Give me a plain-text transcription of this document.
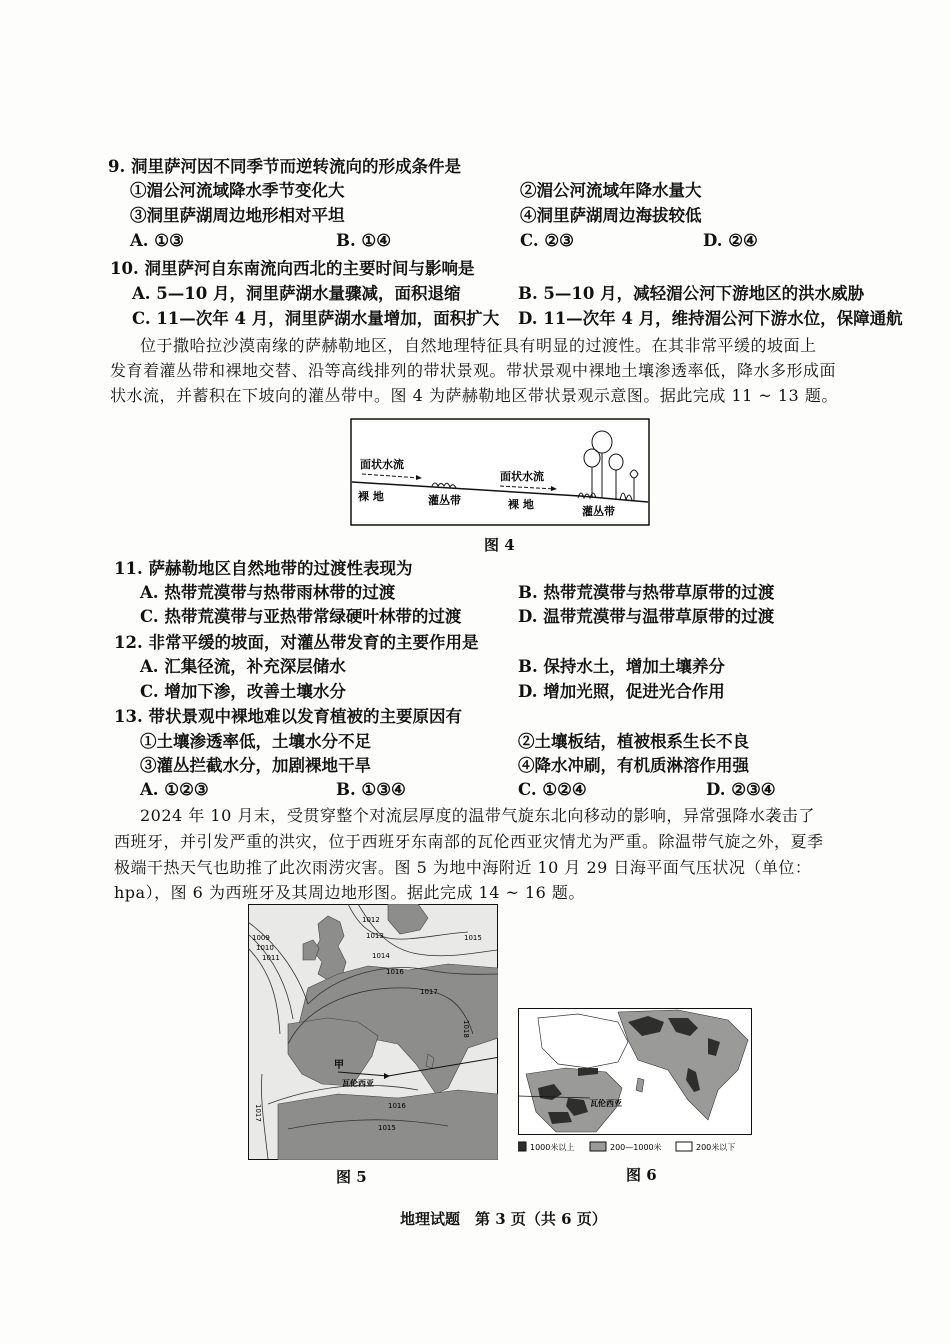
9. 洞里萨河因不同季节而逆转流向的形成条件是
①湄公河流域降水季节变化大	②湄公河流域年降水量大
③洞里萨湖周边地形相对平坦	④洞里萨湖周边海拔较低
A. ①③	B. ①④	C. ②③	D. ②④
10. 洞里萨河自东南流向西北的主要时间与影响是
A. 5—10 月，洞里萨湖水量骤减，面积退缩	B. 5—10 月，减轻湄公河下游地区的洪水威胁
C. 11—次年 4 月，洞里萨湖水量增加，面积扩大 D. 11—次年 4 月，维持湄公河下游水位，保障通航
位于撒哈拉沙漠南缘的萨赫勒地区，自然地理特征具有明显的过渡性。在其非常平缓的坡面上
发育着灌丛带和裸地交替、沿等高线排列的带状景观。带状景观中裸地土壤渗透率低，降水多形成面
状水流，并蓄积在下坡向的灌丛带中。图 4 为萨赫勒地区带状景观示意图。据此完成 11 ~ 13 题。
面状水流
面状水流
裸 地	灌丛带	裸 地
灌丛带
图 4
11. 萨赫勒地区自然地带的过渡性表现为
A. 热带荒漠带与热带雨林带的过渡	B. 热带荒漠带与热带草原带的过渡
C. 热带荒漠带与亚热带常绿硬叶林带的过渡	D. 温带荒漠带与温带草原带的过渡
12. 非常平缓的坡面，对灌丛带发育的主要作用是
A. 汇集径流，补充深层储水	B. 保持水土，增加土壤养分
C. 增加下渗，改善土壤水分	D. 增加光照，促进光合作用
13. 带状景观中裸地难以发育植被的主要原因有
①土壤渗透率低，土壤水分不足	②土壤板结，植被根系生长不良
③灌丛拦截水分，加剧裸地干旱	④降水冲刷，有机质淋溶作用强
A. ①②③	B. ①③④	C. ①②④	D. ②③④
2024 年 10 月末，受贯穿整个对流层厚度的温带气旋东北向移动的影响，异常强降水袭击了
西班牙，并引发严重的洪灾，位于西班牙东南部的瓦伦西亚灾情尤为严重。除温带气旋之外，夏季
极端干热天气也助推了此次雨涝灾害。图 5 为地中海附近 10 月 29 日海平面气压状况（单位：
hpa），图 6 为西班牙及其周边地形图。据此完成 14 ~ 16 题。
1009
1010
1011
1012
1013
1014
1015
1016
1017
1018
1017	1016
1015
甲
瓦伦西亚
图 5
瓦伦西亚
1000米以上	200—1000米	200米以下
图 6
地理试题　第 3 页（共 6 页）
